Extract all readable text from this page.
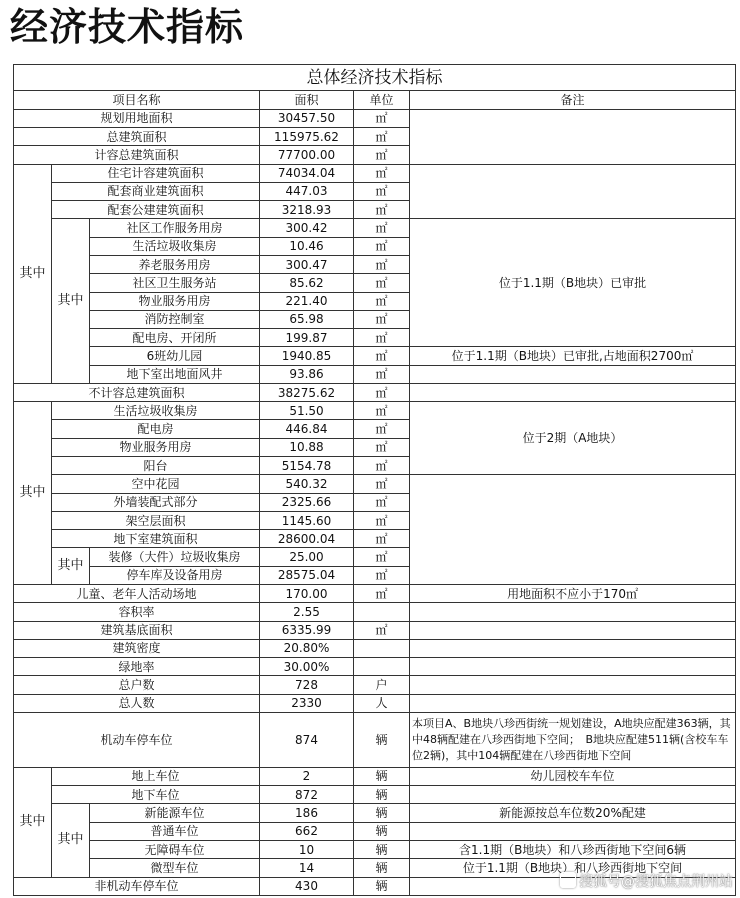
经济技术指标
总体经济技术指标					
项目名称			面积	单位	备注
规划用地面积			30457.50	㎡	
总建筑面积			115975.62	㎡	
计容总建筑面积			77700.00	㎡	
其中	住宅计容建筑面积		74034.04	㎡	
	配套商业建筑面积		447.03	㎡	
	配套公建建筑面积		3218.93	㎡	
	其中	社区工作服务用房	300.42	㎡	位于1.1期（B地块）已审批
		生活垃圾收集房	10.46	㎡	
		养老服务用房	300.47	㎡	
		社区卫生服务站	85.62	㎡	
		物业服务用房	221.40	㎡	
		消防控制室	65.98	㎡	
		配电房、开闭所	199.87	㎡	
		6班幼儿园	1940.85	㎡	位于1.1期（B地块）已审批,占地面积2700㎡
		地下室出地面风井	93.86	㎡	
不计容总建筑面积			38275.62	㎡	
其中	生活垃圾收集房		51.50	㎡	位于2期（A地块）
	配电房		446.84	㎡	
	物业服务用房		10.88	㎡	
	阳台		5154.78	㎡	
	空中花园		540.32	㎡	
	外墙装配式部分		2325.66	㎡	
	架空层面积		1145.60	㎡	
	地下室建筑面积		28600.04	㎡	
	其中	装修（大件）垃圾收集房	25.00	㎡	
		停车库及设备用房	28575.04	㎡	
儿童、老年人活动场地			170.00	㎡	用地面积不应小于170㎡
容积率			2.55		
建筑基底面积			6335.99	㎡	
建筑密度			20.80%		
绿地率			30.00%		
总户数			728	户	
总人数			2330	人	
机动车停车位			874	辆	本项目A、B地块八珍西街统一规划建设，A地块应配建363辆，其中48辆配建在八珍西街地下空间；　B地块应配建511辆(含校车车位2辆)，其中104辆配建在八珍西街地下空间
其中	地上车位		2	辆	幼儿园校车车位
	地下车位		872	辆	
	其中	新能源车位	186	辆	新能源按总车位数20%配建
		普通车位	662	辆	
		无障碍车位	10	辆	含1.1期（B地块）和八珍西街地下空间6辆
		微型车位	14	辆	位于1.1期（B地块）和八珍西街地下空间
非机动车停车位			430	辆		搜狐号@搜狐焦点荆州站
